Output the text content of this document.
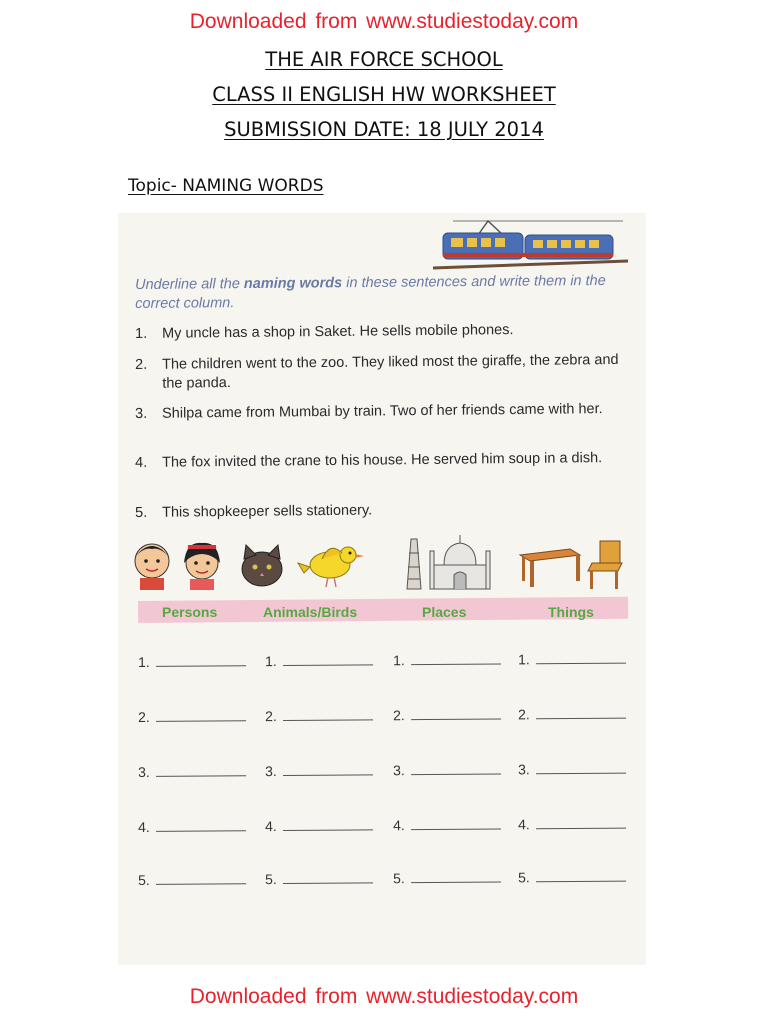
Downloaded from www.studiestoday.com
THE AIR FORCE SCHOOL
CLASS II ENGLISH HW WORKSHEET
SUBMISSION DATE: 18 JULY 2014
Topic- NAMING WORDS
Underline all the naming words in these sentences and write them in the correct column.
1.	My uncle has a shop in Saket. He sells mobile phones.
2.	The children went to the zoo. They liked most the giraffe, the zebra and the panda.
3.	Shilpa came from Mumbai by train. Two of her friends came with her.
4.	The fox invited the crane to his house. He served him soup in a dish.
5.	This shopkeeper sells stationery.
Persons	Animals/Birds	Places	Things
1.	1.	1.	1.
2.	2.	2.	2.
3.	3.	3.	3.
4.	4.	4.	4.
5.	5.	5.	5.
Downloaded from www.studiestoday.com
